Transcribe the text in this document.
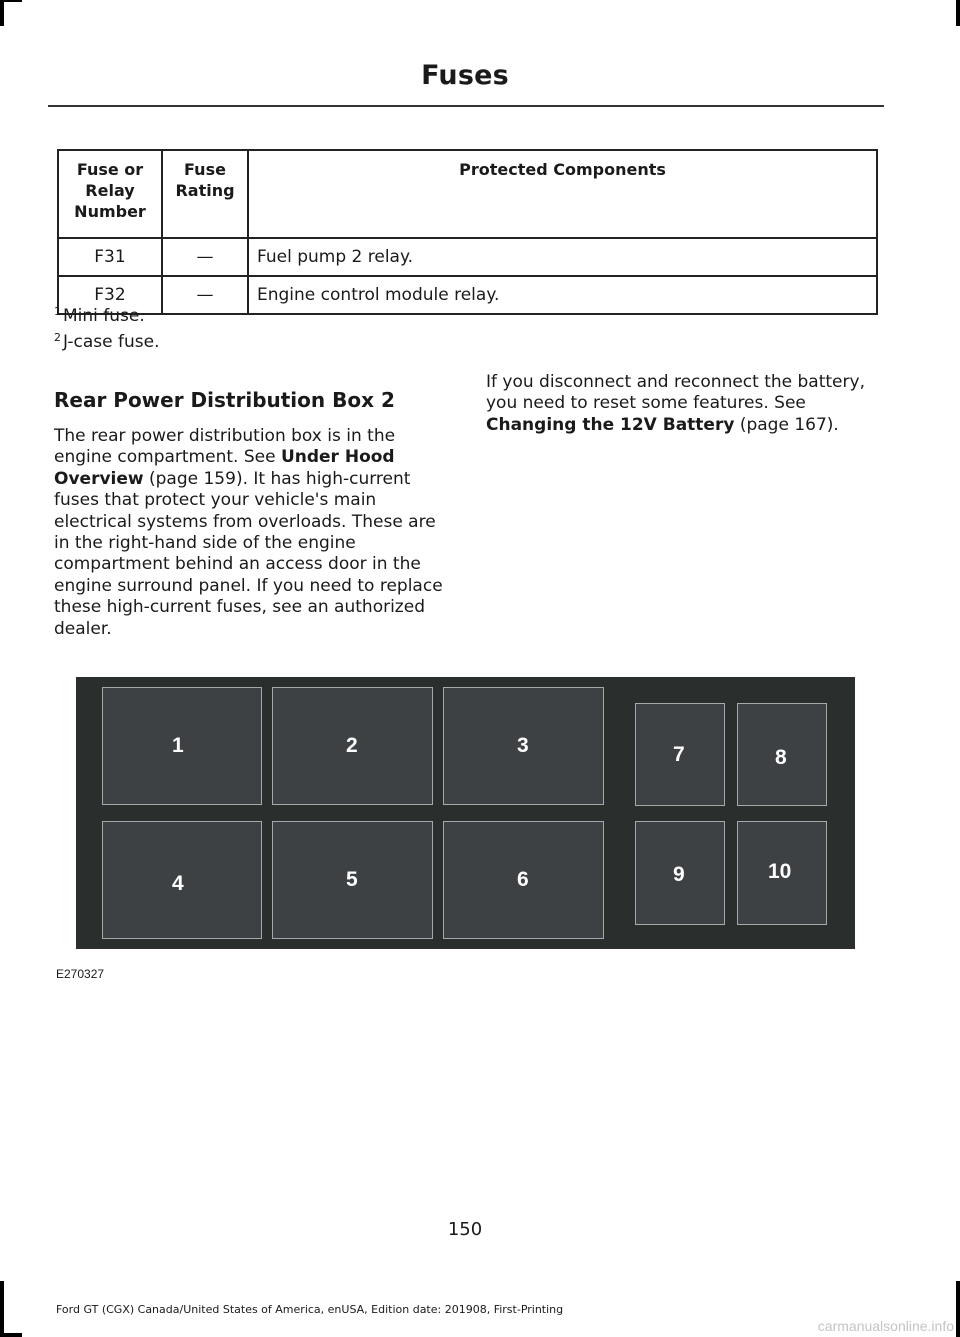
Fuses
Fuse or Relay Number	Fuse Rating	Protected Components
F31	—	Fuel pump 2 relay.
F32	—	Engine control module relay.
$^1$ Mini fuse.
$^2$ J-case fuse.
Rear Power Distribution Box 2

The rear power distribution box is in the engine compartment. See Under Hood Overview (page 159). It has high-current fuses that protect your vehicle's main electrical systems from overloads. These are in the right-hand side of the engine compartment behind an access door in the engine surround panel. If you need to replace these high-current fuses, see an authorized dealer.

If you disconnect and reconnect the battery, you need to reset some features. See Changing the 12V Battery (page 167).

1	2	3
4	5	6
7	8
9	10
E270327
150
Ford GT (CGX) Canada/United States of America, enUSA, Edition date: 201908, First-Printing
carmanualsonline.info
